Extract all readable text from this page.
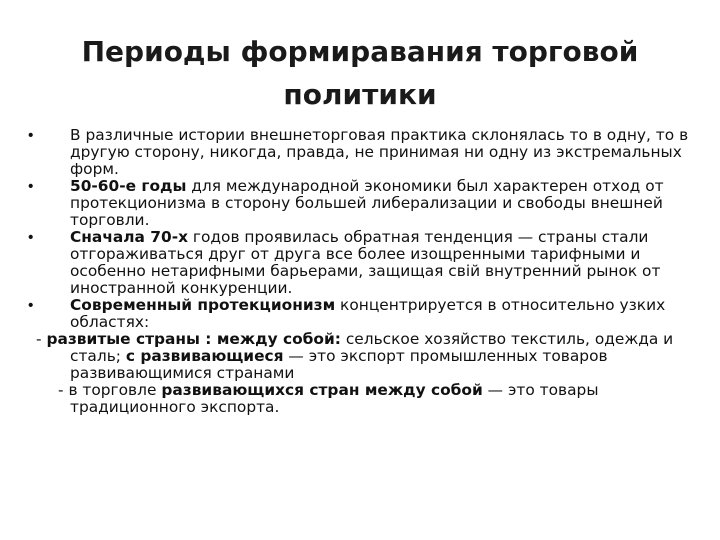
Периоды формиравания торговой политики
•	В различные истории внешнеторговая практика склонялась то в одну, то в другую сторону, никогда, правда, не принимая ни одну из экстремальных форм.
•	50-60-е годы для международной экономики был характерен отход от протекционизма в сторону большей либерализации и свободы внешней торговли.
•	Сначала 70-х годов проявилась обратная тенденция — страны стали отгораживаться друг от друга все более изощренными тарифными и особенно нетарифными барьерами, защищая свій внутренний рынок от иностранной конкуренции.
•	Современный протекционизм концентрируется в относительно узких областях:
- развитые страны : между собой: сельское хозяйство текстиль, одежда и сталь; с развивающиеся — это экспорт промышленных товаров развивающимися странами
- в торговле развивающихся стран между собой — это товары традиционного экспорта.
